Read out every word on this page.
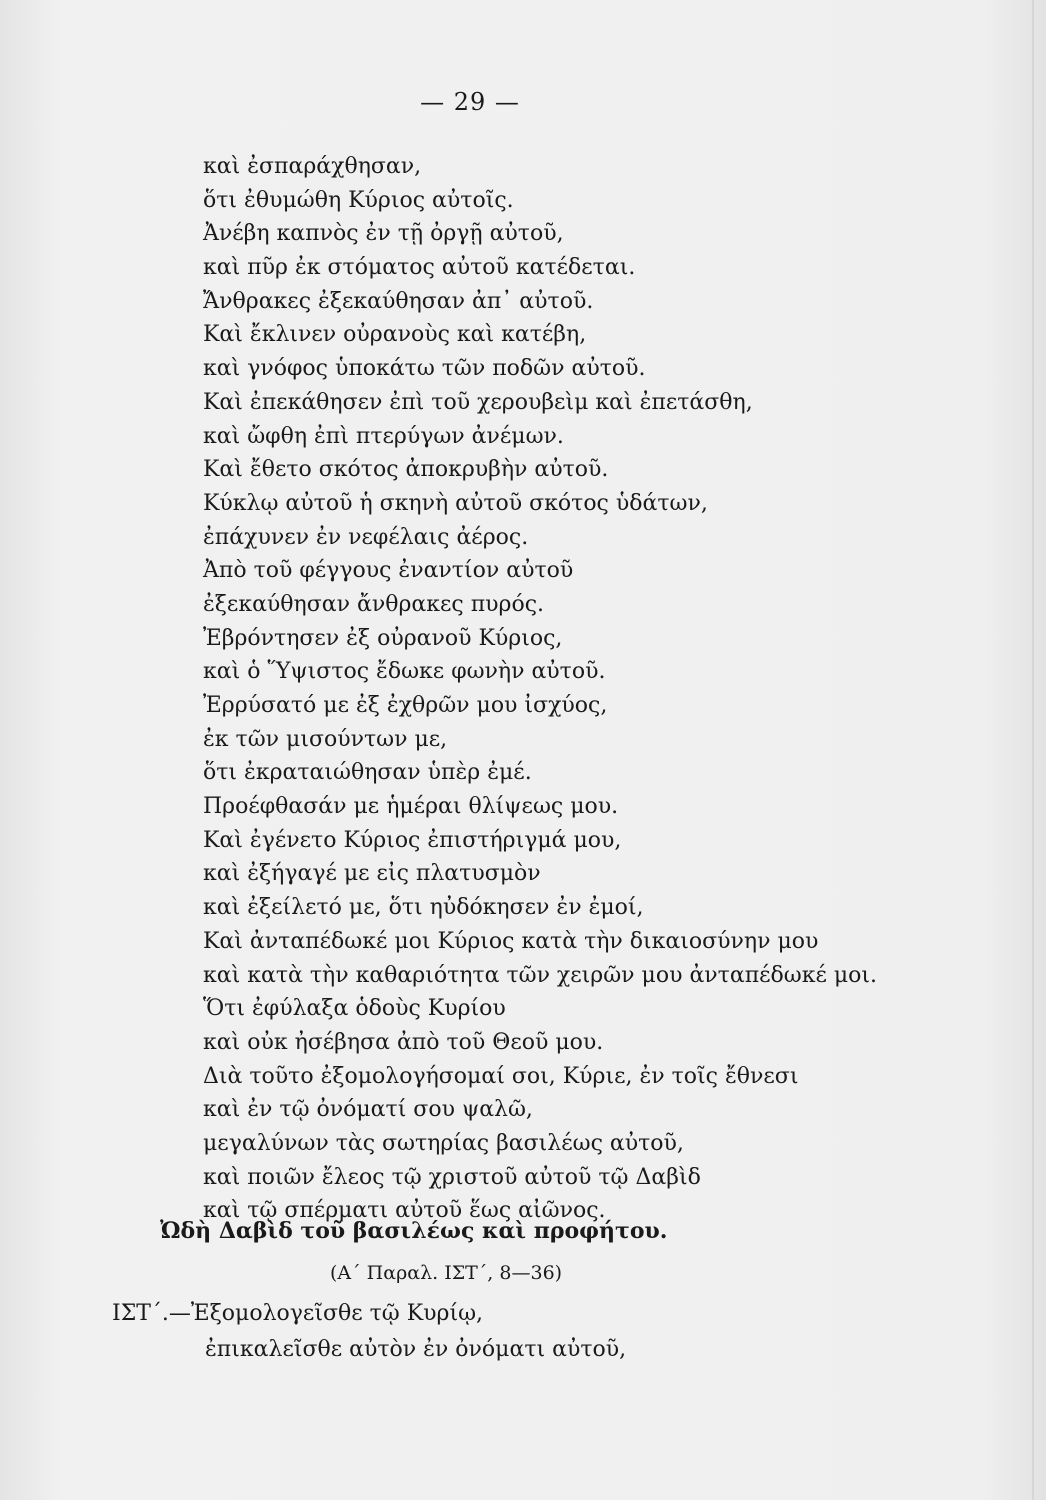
— 29 —
καὶ ἐσπαράχθησαν,
ὅτι ἐθυμώθη Κύριος αὐτοῖς.
Ἀνέβη καπνὸς ἐν τῇ ὀργῇ αὐτοῦ,
καὶ πῦρ ἐκ στόματος αὐτοῦ κατέδεται.
Ἄνθρακες ἐξεκαύθησαν ἀπ᾽ αὐτοῦ.
Καὶ ἔκλινεν οὐρανοὺς καὶ κατέβη,
καὶ γνόφος ὑποκάτω τῶν ποδῶν αὐτοῦ.
Καὶ ἐπεκάθησεν ἐπὶ τοῦ χερουβεὶμ καὶ ἐπετάσθη,
καὶ ὤφθη ἐπὶ πτερύγων ἀνέμων.
Καὶ ἔθετο σκότος ἀποκρυβὴν αὐτοῦ.
Κύκλῳ αὐτοῦ ἡ σκηνὴ αὐτοῦ σκότος ὑδάτων,
ἐπάχυνεν ἐν νεφέλαις ἀέρος.
Ἀπὸ τοῦ φέγγους ἐναντίον αὐτοῦ
ἐξεκαύθησαν ἄνθρακες πυρός.
Ἐβρόντησεν ἐξ οὐρανοῦ Κύριος,
καὶ ὁ Ὕψιστος ἔδωκε φωνὴν αὐτοῦ.
Ἐρρύσατό με ἐξ ἐχθρῶν μου ἰσχύος,
ἐκ τῶν μισούντων με,
ὅτι ἐκραταιώθησαν ὑπὲρ ἐμέ.
Προέφθασάν με ἡμέραι θλίψεως μου.
Καὶ ἐγένετο Κύριος ἐπιστήριγμά μου,
καὶ ἐξήγαγέ με εἰς πλατυσμὸν
καὶ ἐξείλετό με, ὅτι ηὐδόκησεν ἐν ἐμοί,
Καὶ ἀνταπέδωκέ μοι Κύριος κατὰ τὴν δικαιοσύνην μου
καὶ κατὰ τὴν καθαριότητα τῶν χειρῶν μου ἀνταπέδωκέ μοι.
Ὅτι ἐφύλαξα ὁδοὺς Κυρίου
καὶ οὐκ ἠσέβησα ἀπὸ τοῦ Θεοῦ μου.
Διὰ τοῦτο ἐξομολογήσομαί σοι, Κύριε, ἐν τοῖς ἔθνεσι
καὶ ἐν τῷ ὀνόματί σου ψαλῶ,
μεγαλύνων τὰς σωτηρίας βασιλέως αὐτοῦ,
καὶ ποιῶν ἔλεος τῷ χριστοῦ αὐτοῦ τῷ Δαβὶδ
καὶ τῷ σπέρματι αὐτοῦ ἕως αἰῶνος.
Ὠδὴ Δαβὶδ τοῦ βασιλέως καὶ προφήτου.
(Α΄ Παραλ. ΙΣΤ΄, 8—36)
ΙΣΤ΄.—Ἐξομολογεῖσθε τῷ Κυρίῳ,
ἐπικαλεῖσθε αὐτὸν ἐν ὀνόματι αὐτοῦ,
